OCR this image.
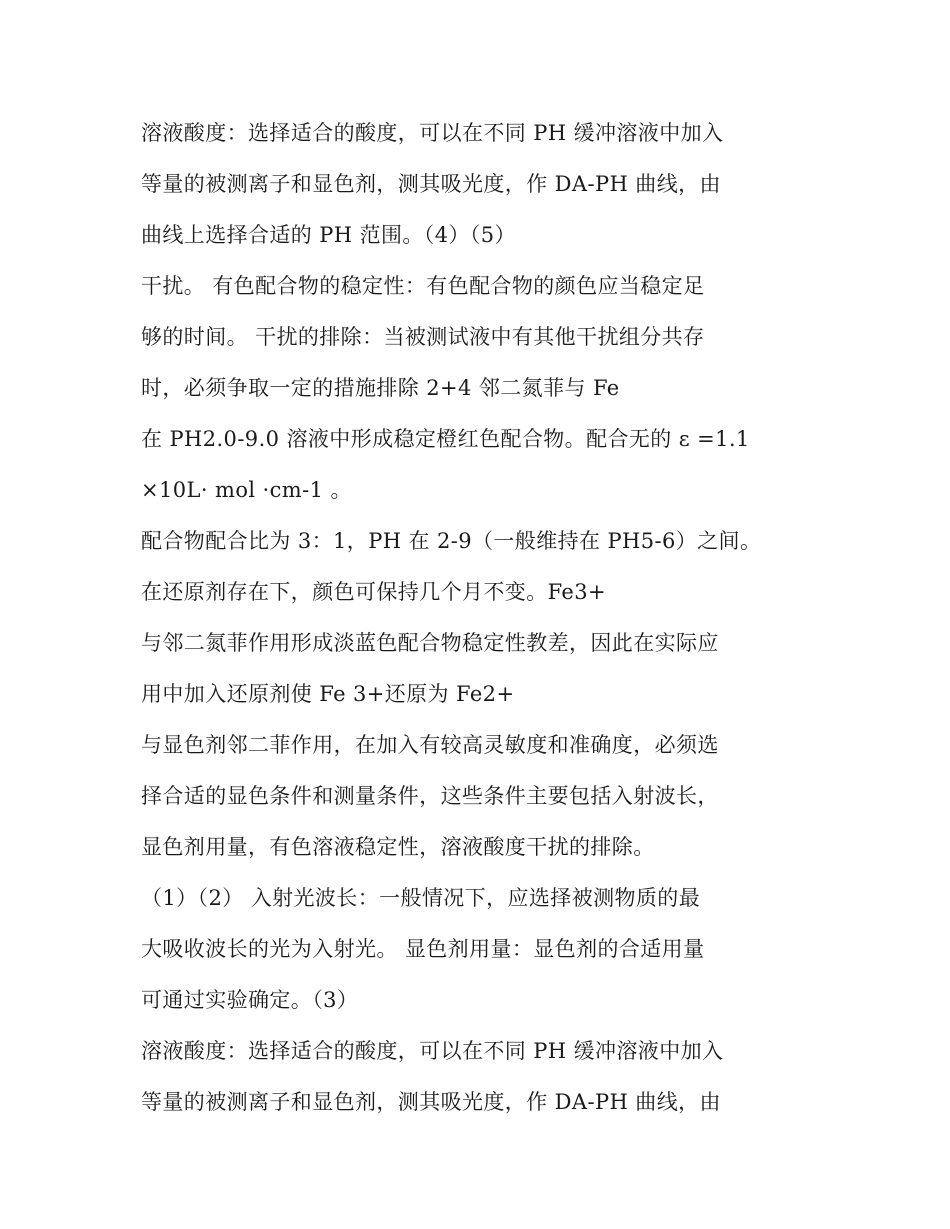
溶液酸度：选择适合的酸度，可以在不同 PH 缓冲溶液中加入
等量的被测离子和显色剂，测其吸光度，作 DA-PH 曲线，由
曲线上选择合适的 PH 范围。（4）（5）
干扰。 有色配合物的稳定性：有色配合物的颜色应当稳定足
够的时间。 干扰的排除：当被测试液中有其他干扰组分共存
时，必须争取一定的措施排除 2+4 邻二氮菲与 Fe
在 PH2.0-9.0 溶液中形成稳定橙红色配合物。配合无的 ε =1.1
×10L· mol ·cm-1 。
配合物配合比为 3：1，PH 在 2-9（一般维持在 PH5-6）之间。
在还原剂存在下，颜色可保持几个月不变。Fe3+
与邻二氮菲作用形成淡蓝色配合物稳定性教差，因此在实际应
用中加入还原剂使 Fe 3+还原为 Fe2+
与显色剂邻二菲作用，在加入有较高灵敏度和准确度，必须选
择合适的显色条件和测量条件，这些条件主要包括入射波长，
显色剂用量，有色溶液稳定性，溶液酸度干扰的排除。
（1）（2） 入射光波长：一般情况下，应选择被测物质的最
大吸收波长的光为入射光。 显色剂用量：显色剂的合适用量
可通过实验确定。（3）
溶液酸度：选择适合的酸度，可以在不同 PH 缓冲溶液中加入
等量的被测离子和显色剂，测其吸光度，作 DA-PH 曲线，由
